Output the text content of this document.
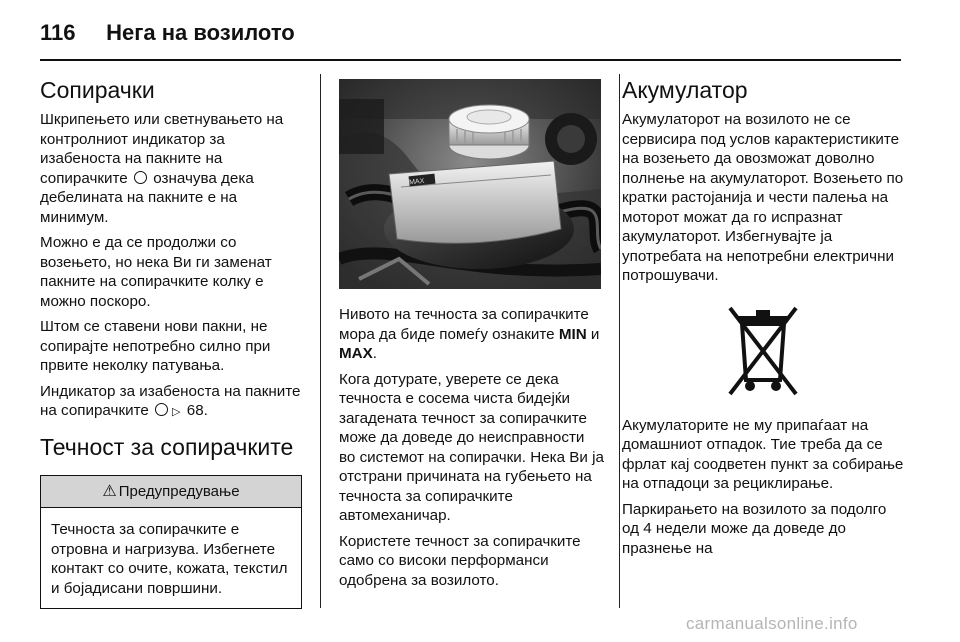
116 Нега на возилото
Сопирачки

Шкрипењето или светнувањето на контролниот индикатор за изабеноста на пакните на сопирачките означува дека дебелината на пакните е на минимум.

Можно е да се продолжи со возењето, но нека Ви ги заменат пакните на сопирачките колку е можно поскоро.

Штом се ставени нови пакни, не сопирајте непотребно силно при првите неколку патувања.

Индикатор за изабеноста на пакните на сопирачките ▷ 68.

Течност за сопирачките
⚠ Предупредување
Течноста за сопирачките е отровна и нагризува. Избегнете контакт со очите, кожата, текстил и бојадисани површини.
MAX

Нивото на течноста за сопирачките мора да биде помеѓу ознаките MIN и MAX.

Кога дотурате, уверете се дека течноста е сосема чиста бидејќи загадената течност за сопирачките може да доведе до неисправности во системот на сопирачки. Нека Ви ја отстрани причината на губењето на течноста за сопирачките автомеханичар.

Користете течност за сопирачките само со високи перформанси одобрена за возилото.

Акумулатор

Акумулаторот на возилото не се сервисира под услов карактеристиките на возењето да овозможат доволно полнење на акумулаторот. Возењето по кратки растојанија и чести палења на моторот можат да го испразнат акумулаторот. Избегнувајте ја употребата на непотребни електрични потрошувачи.

Акумулаторите не му припаѓаат на домашниот отпадок. Тие треба да се фрлат кај соодветен пункт за собирање на отпадоци за рециклирање.

Паркирањето на возилото за подолго од 4 недели може да доведе до празнење на

carmanualsonline.info
